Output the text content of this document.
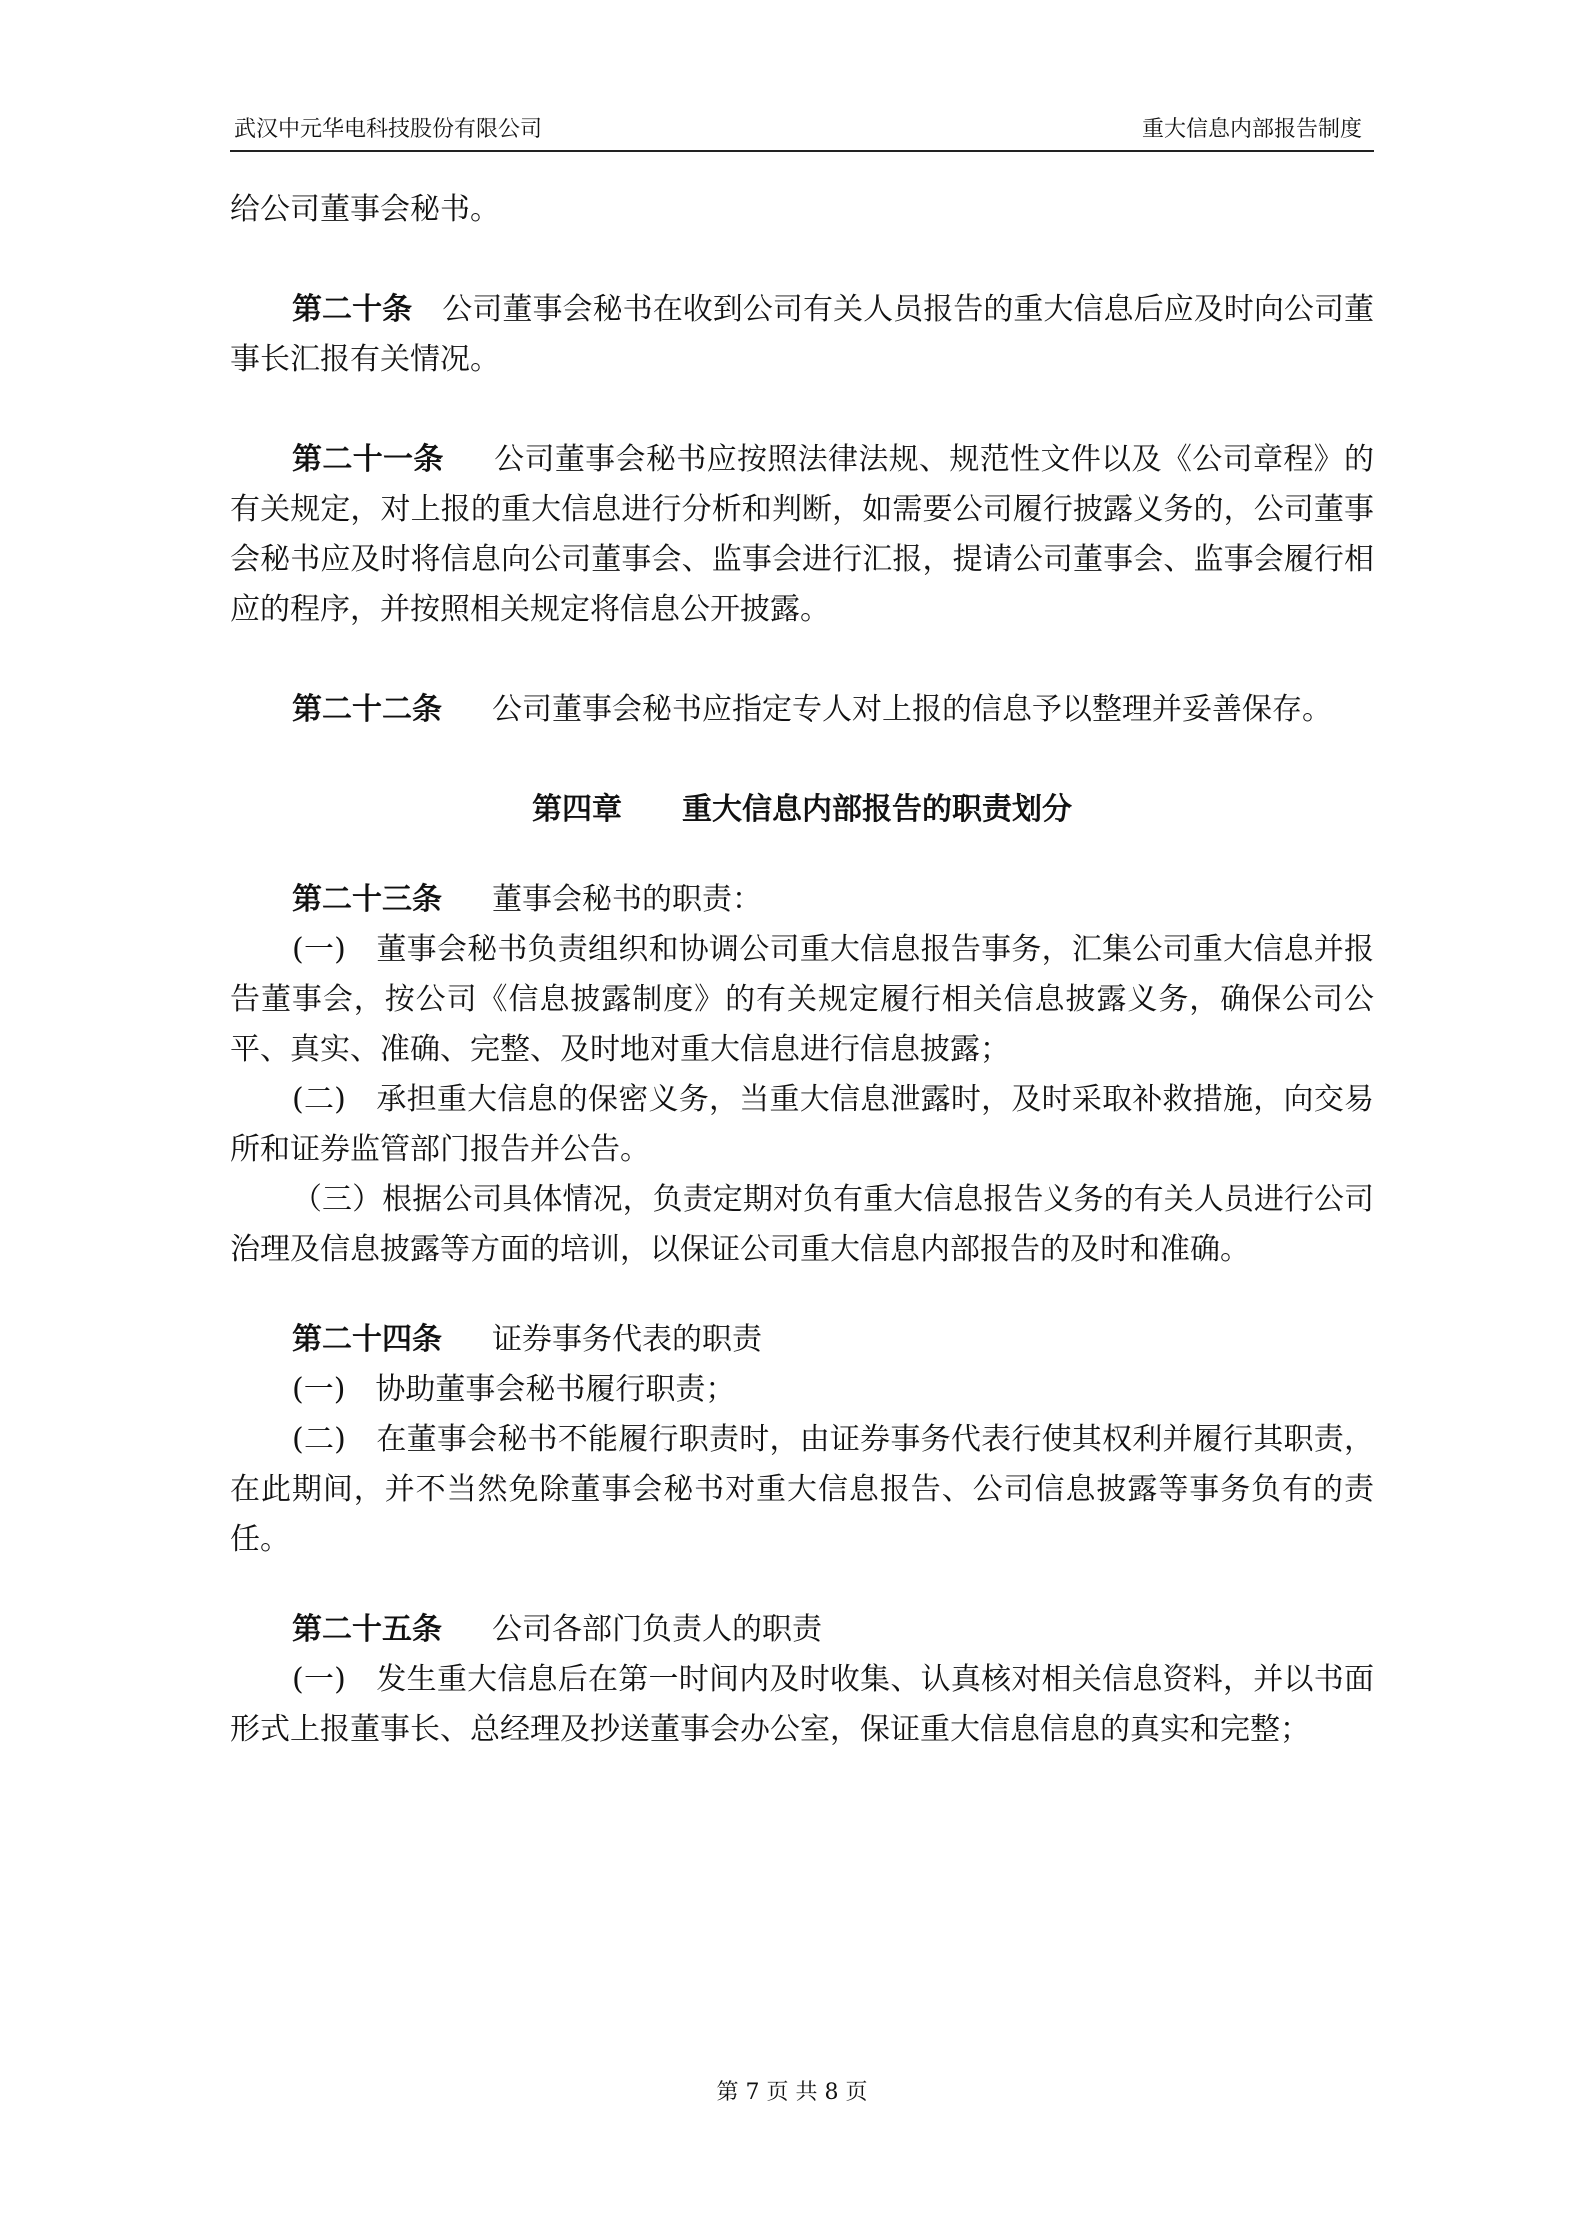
武汉中元华电科技股份有限公司	重大信息内部报告制度

给公司董事会秘书。

第二十条 公司董事会秘书在收到公司有关人员报告的重大信息后应及时向公司董事长汇报有关情况。

第二十一条 公司董事会秘书应按照法律法规、规范性文件以及《公司章程》的有关规定，对上报的重大信息进行分析和判断，如需要公司履行披露义务的，公司董事会秘书应及时将信息向公司董事会、监事会进行汇报，提请公司董事会、监事会履行相应的程序，并按照相关规定将信息公开披露。

第二十二条 公司董事会秘书应指定专人对上报的信息予以整理并妥善保存。

第四章 重大信息内部报告的职责划分

第二十三条 董事会秘书的职责：

(一)　董事会秘书负责组织和协调公司重大信息报告事务，汇集公司重大信息并报告董事会，按公司《信息披露制度》的有关规定履行相关信息披露义务，确保公司公平、真实、准确、完整、及时地对重大信息进行信息披露；

(二)　承担重大信息的保密义务，当重大信息泄露时，及时采取补救措施，向交易所和证券监管部门报告并公告。

（三）根据公司具体情况，负责定期对负有重大信息报告义务的有关人员进行公司治理及信息披露等方面的培训，以保证公司重大信息内部报告的及时和准确。

第二十四条 证券事务代表的职责

(一)　协助董事会秘书履行职责；

(二)　在董事会秘书不能履行职责时，由证券事务代表行使其权利并履行其职责，在此期间，并不当然免除董事会秘书对重大信息报告、公司信息披露等事务负有的责任。

第二十五条 公司各部门负责人的职责

(一)　发生重大信息后在第一时间内及时收集、认真核对相关信息资料，并以书面形式上报董事长、总经理及抄送董事会办公室，保证重大信息信息的真实和完整；

第 7 页 共 8 页
